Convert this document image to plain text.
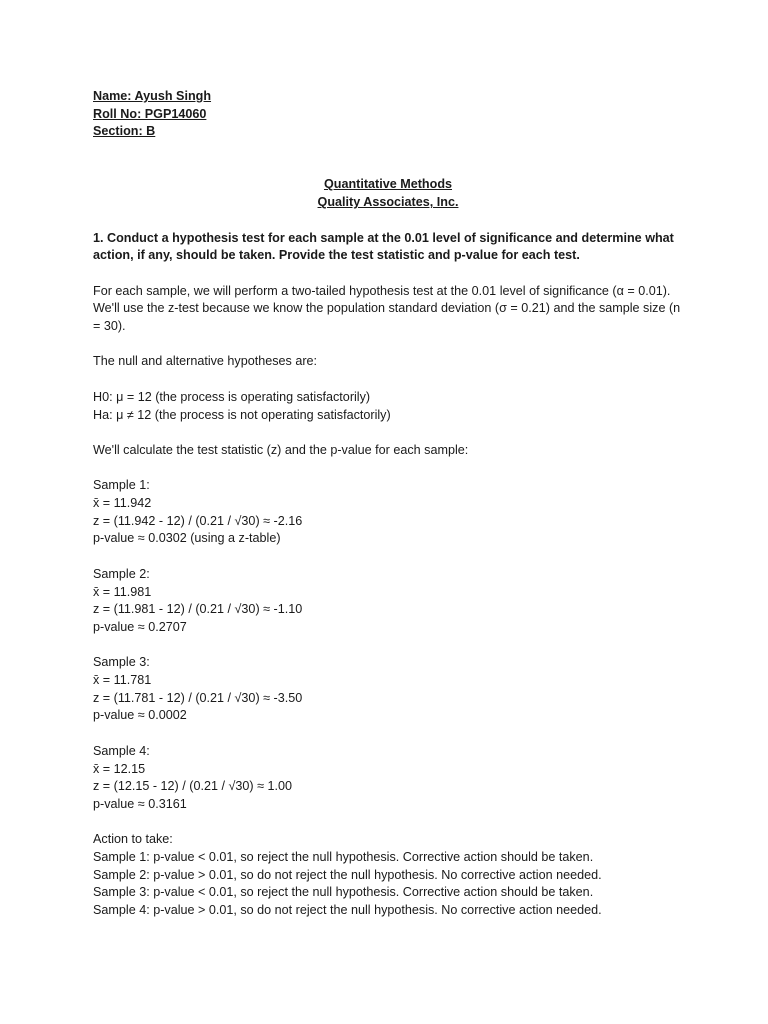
Name: Ayush Singh
Roll No: PGP14060
Section: B
Quantitative Methods
Quality Associates, Inc.
1. Conduct a hypothesis test for each sample at the 0.01 level of significance and determine what action, if any, should be taken. Provide the test statistic and p-value for each test.
For each sample, we will perform a two-tailed hypothesis test at the 0.01 level of significance (α = 0.01). We'll use the z-test because we know the population standard deviation (σ = 0.21) and the sample size (n = 30).
The null and alternative hypotheses are:
H0: μ = 12 (the process is operating satisfactorily)
Ha: μ ≠ 12 (the process is not operating satisfactorily)
We'll calculate the test statistic (z) and the p-value for each sample:
Sample 1:
x̄ = 11.942
z = (11.942 - 12) / (0.21 / √30) ≈ -2.16
p-value ≈ 0.0302 (using a z-table)
Sample 2:
x̄ = 11.981
z = (11.981 - 12) / (0.21 / √30) ≈ -1.10
p-value ≈ 0.2707
Sample 3:
x̄ = 11.781
z = (11.781 - 12) / (0.21 / √30) ≈ -3.50
p-value ≈ 0.0002
Sample 4:
x̄ = 12.15
z = (12.15 - 12) / (0.21 / √30) ≈ 1.00
p-value ≈ 0.3161
Action to take:
Sample 1: p-value < 0.01, so reject the null hypothesis. Corrective action should be taken.
Sample 2: p-value > 0.01, so do not reject the null hypothesis. No corrective action needed.
Sample 3: p-value < 0.01, so reject the null hypothesis. Corrective action should be taken.
Sample 4: p-value > 0.01, so do not reject the null hypothesis. No corrective action needed.
